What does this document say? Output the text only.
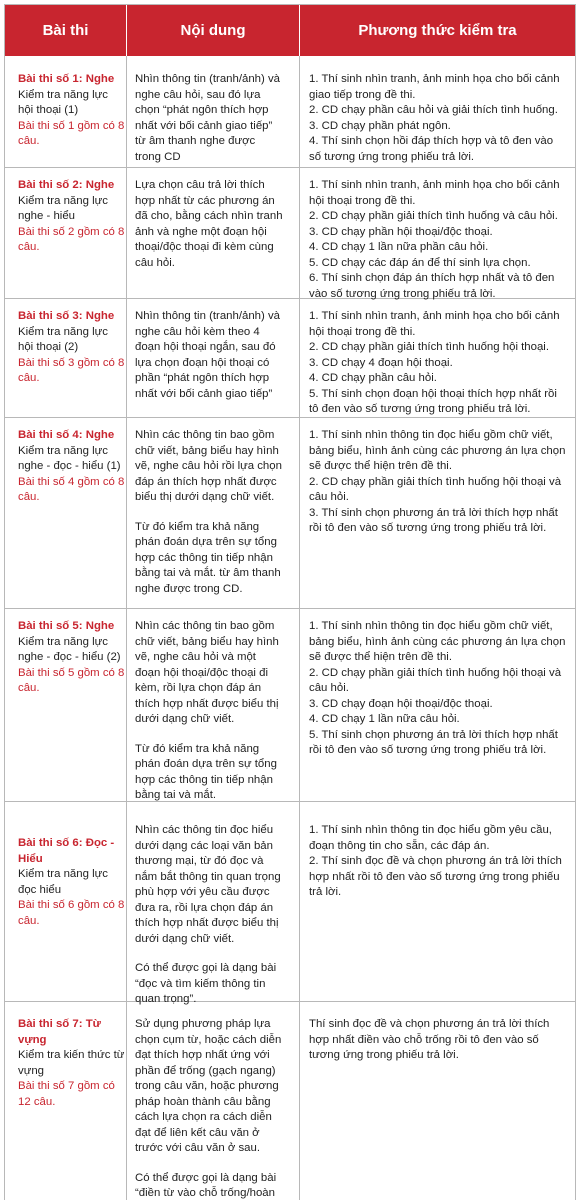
Bài thi	Nội dung	Phương thức kiểm tra
Bài thi số 1: Nghe
Kiểm tra năng lực hội thoại (1)
Bài thi số 1 gồm có 8 câu.

Nhìn thông tin (tranh/ảnh) và nghe câu hỏi, sau đó lựa chọn “phát ngôn thích hợp nhất với bối cảnh giao tiếp” từ âm thanh nghe được trong CD

1. Thí sinh nhìn tranh, ảnh minh họa cho bối cảnh giao tiếp trong đề thi.
2. CD chạy phần câu hỏi và giải thích tình huống.
3. CD chạy phần phát ngôn.
4. Thí sinh chọn hồi đáp thích hợp và tô đen vào số tương ứng trong phiếu trả lời.
Bài thi số 2: Nghe
Kiểm tra năng lực nghe - hiểu
Bài thi số 2 gồm có 8 câu.

Lựa chọn câu trả lời thích hợp nhất từ các phương án đã cho, bằng cách nhìn tranh ảnh và nghe một đoạn hội thoại/độc thoại đi kèm cùng câu hỏi.

1. Thí sinh nhìn tranh, ảnh minh họa cho bối cảnh hội thoại trong đề thi.
2. CD chạy phần giải thích tình huống và câu hỏi.
3. CD chạy phần hội thoại/độc thoại.
4. CD chạy 1 lần nữa phần câu hỏi.
5. CD chạy các đáp án để thí sinh lựa chọn.
6. Thí sinh chọn đáp án thích hợp nhất và tô đen vào số tương ứng trong phiếu trả lời.
Bài thi số 3: Nghe
Kiểm tra năng lực hội thoại (2)
Bài thi số 3 gồm có 8 câu.

Nhìn thông tin (tranh/ảnh) và nghe câu hỏi kèm theo 4 đoạn hội thoại ngắn, sau đó lựa chọn đoạn hội thoại có phần “phát ngôn thích hợp nhất với bối cảnh giao tiếp”

1. Thí sinh nhìn tranh, ảnh minh họa cho bối cảnh hội thoại trong đề thi.
2. CD chạy phần giải thích tình huống hội thoại.
3. CD chạy 4 đoạn hội thoại.
4. CD chạy phần câu hỏi.
5. Thí sinh chọn đoạn hội thoại thích hợp nhất rồi tô đen vào số tương ứng trong phiếu trả lời.
Bài thi số 4: Nghe
Kiểm tra năng lực nghe - đọc - hiểu (1)
Bài thi số 4 gồm có 8 câu.

Nhìn các thông tin bao gồm chữ viết, bảng biểu hay hình vẽ, nghe câu hỏi rồi lựa chọn đáp án thích hợp nhất được biểu thị dưới dạng chữ viết.

Từ đó kiểm tra khả năng phán đoán dựa trên sự tổng hợp các thông tin tiếp nhận bằng tai và mắt. từ âm thanh nghe được trong CD.

1. Thí sinh nhìn thông tin đọc hiểu gồm chữ viết, bảng biểu, hình ảnh cùng các phương án lựa chọn sẽ được thể hiện trên đề thi.
2. CD chạy phần giải thích tình huống hội thoại và câu hỏi.
3. Thí sinh chọn phương án trả lời thích hợp nhất rồi tô đen vào số tương ứng trong phiếu trả lời.
Bài thi số 5: Nghe
Kiểm tra năng lực nghe - đọc - hiểu (2)
Bài thi số 5 gồm có 8 câu.

Nhìn các thông tin bao gồm chữ viết, bảng biểu hay hình vẽ, nghe câu hỏi và một đoạn hội thoại/độc thoại đi kèm, rồi lựa chọn đáp án thích hợp nhất được biểu thị dưới dạng chữ viết.

Từ đó kiểm tra khả năng phán đoán dựa trên sự tổng hợp các thông tin tiếp nhận bằng tai và mắt.

1. Thí sinh nhìn thông tin đọc hiểu gồm chữ viết, bảng biểu, hình ảnh cùng các phương án lựa chọn sẽ được thể hiện trên đề thi.
2. CD chạy phần giải thích tình huống hội thoại và câu hỏi.
3. CD chạy đoạn hội thoại/độc thoại.
4. CD chạy 1 lần nữa câu hỏi.
5. Thí sinh chọn phương án trả lời thích hợp nhất rồi tô đen vào số tương ứng trong phiếu trả lời.
Bài thi số 6: Đọc - Hiểu
Kiểm tra năng lực đọc hiểu
Bài thi số 6 gồm có 8 câu.

Nhìn các thông tin đọc hiểu dưới dạng các loại văn bản thương mại, từ đó đọc và nắm bắt thông tin quan trọng phù hợp với yêu cầu được đưa ra, rồi lựa chọn đáp án thích hợp nhất được biểu thị dưới dạng chữ viết.

Có thể được gọi là dạng bài “đọc và tìm kiếm thông tin quan trọng”.

1. Thí sinh nhìn thông tin đọc hiểu gồm yêu cầu, đoạn thông tin cho sẵn, các đáp án.
2. Thí sinh đọc đề và chọn phương án trả lời thích hợp nhất rồi tô đen vào số tương ứng trong phiếu trả lời.
Bài thi số 7: Từ vựng
Kiểm tra kiến thức từ vựng
Bài thi số 7 gồm có 12 câu.

Sử dụng phương pháp lựa chọn cụm từ, hoặc cách diễn đạt thích hợp nhất ứng với phần để trống (gạch ngang) trong câu văn, hoặc phương pháp hoàn thành câu bằng cách lựa chọn ra cách diễn đạt để liên kết câu văn ở trước với câu văn ở sau.

Có thể được gọi là dạng bài “điền từ vào chỗ trống/hoàn

Thí sinh đọc đề và chọn phương án trả lời thích hợp nhất điền vào chỗ trống rồi tô đen vào số tương ứng trong phiếu trả lời.
